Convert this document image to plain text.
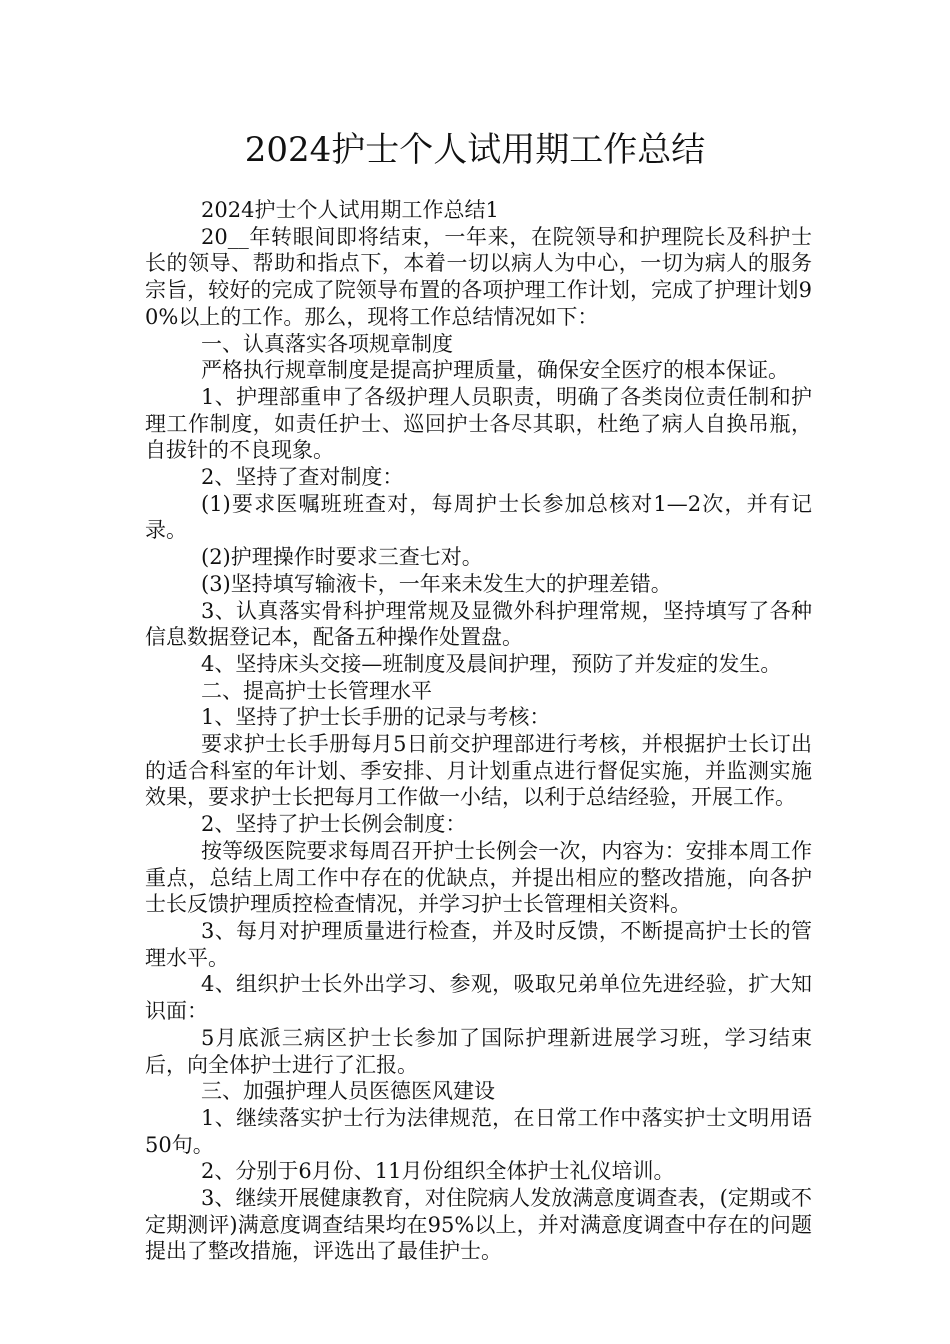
2024护士个人试用期工作总结

2024护士个人试用期工作总结1

20__年转眼间即将结束，一年来，在院领导和护理院长及科护士长的领导、帮助和指点下，本着一切以病人为中心，一切为病人的服务宗旨，较好的完成了院领导布置的各项护理工作计划，完成了护理计划90%以上的工作。那么，现将工作总结情况如下：

一、认真落实各项规章制度

严格执行规章制度是提高护理质量，确保安全医疗的根本保证。

1、护理部重申了各级护理人员职责，明确了各类岗位责任制和护理工作制度，如责任护士、巡回护士各尽其职，杜绝了病人自换吊瓶，自拔针的不良现象。

2、坚持了查对制度：

(1)要求医嘱班班查对，每周护士长参加总核对1—2次，并有记录。

(2)护理操作时要求三查七对。

(3)坚持填写输液卡，一年来未发生大的护理差错。

3、认真落实骨科护理常规及显微外科护理常规，坚持填写了各种信息数据登记本，配备五种操作处置盘。

4、坚持床头交接—班制度及晨间护理，预防了并发症的发生。

二、提高护士长管理水平

1、坚持了护士长手册的记录与考核：

要求护士长手册每月5日前交护理部进行考核，并根据护士长订出的适合科室的年计划、季安排、月计划重点进行督促实施，并监测实施效果，要求护士长把每月工作做一小结，以利于总结经验，开展工作。

2、坚持了护士长例会制度：

按等级医院要求每周召开护士长例会一次，内容为：安排本周工作重点，总结上周工作中存在的优缺点，并提出相应的整改措施，向各护士长反馈护理质控检查情况，并学习护士长管理相关资料。

3、每月对护理质量进行检查，并及时反馈，不断提高护士长的管理水平。

4、组织护士长外出学习、参观，吸取兄弟单位先进经验，扩大知识面：

5月底派三病区护士长参加了国际护理新进展学习班，学习结束后，向全体护士进行了汇报。

三、加强护理人员医德医风建设

1、继续落实护士行为法律规范，在日常工作中落实护士文明用语50句。

2、分别于6月份、11月份组织全体护士礼仪培训。

3、继续开展健康教育，对住院病人发放满意度调查表，(定期或不定期测评)满意度调查结果均在95%以上，并对满意度调查中存在的问题提出了整改措施，评选出了最佳护士。
